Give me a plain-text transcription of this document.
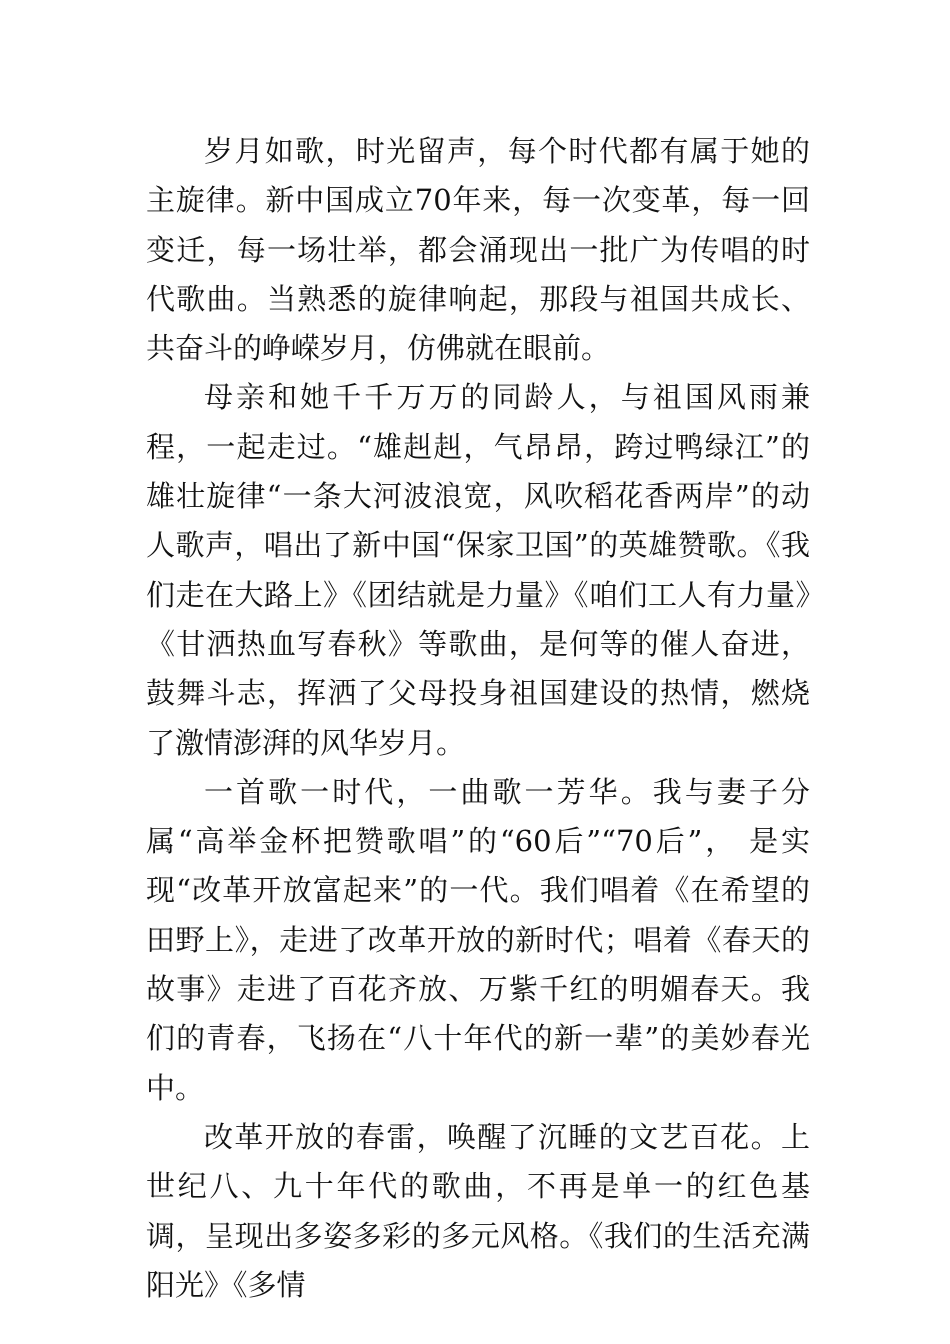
岁月如歌，时光留声，每个时代都有属于她的主旋律。新中国成立70年来，每一次变革，每一回变迁，每一场壮举，都会涌现出一批广为传唱的时代歌曲。当熟悉的旋律响起，那段与祖国共成长、共奋斗的峥嵘岁月，仿佛就在眼前。

母亲和她千千万万的同龄人，与祖国风雨兼程，一起走过。“雄赳赳，气昂昂，跨过鸭绿江”的雄壮旋律“一条大河波浪宽，风吹稻花香两岸”的动人歌声，唱出了新中国“保家卫国”的英雄赞歌。《我们走在大路上》《团结就是力量》《咱们工人有力量》《甘洒热血写春秋》等歌曲，是何等的催人奋进，鼓舞斗志，挥洒了父母投身祖国建设的热情，燃烧了激情澎湃的风华岁月。

一首歌一时代，一曲歌一芳华。我与妻子分属“高举金杯把赞歌唱”的“60后”“70后”， 是实现“改革开放富起来”的一代。我们唱着《在希望的田野上》，走进了改革开放的新时代；唱着《春天的故事》走进了百花齐放、万紫千红的明媚春天。我们的青春，飞扬在“八十年代的新一辈”的美妙春光中。

改革开放的春雷，唤醒了沉睡的文艺百花。上世纪八、九十年代的歌曲，不再是单一的红色基调，呈现出多姿多彩的多元风格。《我们的生活充满阳光》《多情
